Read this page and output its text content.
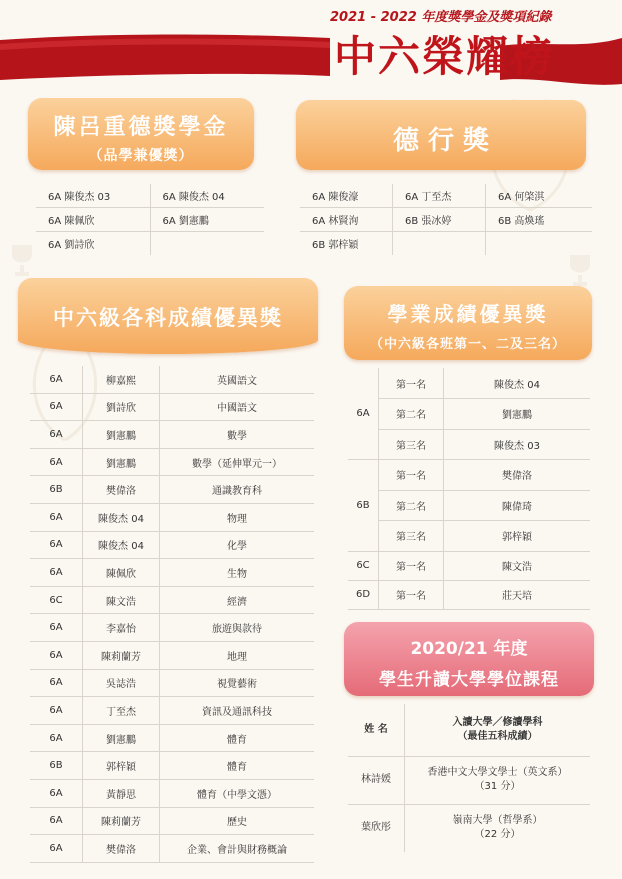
2021 - 2022 年度獎學金及獎項紀錄
中六榮耀榜
陳呂重德獎學金
（品學兼優獎）
6A 陳俊杰 03	6A 陳俊杰 04
6A 陳佩欣	6A 劉憲鵬
6A 劉詩欣	
德 行 獎
6A 陳俊濠	6A 丁至杰	6A 何棨淇
6A 林賢洵	6B 張冰婷	6B 高煥瑤
6B 郭梓穎		
中六級各科成績優異獎
6A	柳嘉熙	英國語文
6A	劉詩欣	中國語文
6A	劉憲鵬	數學
6A	劉憲鵬	數學（延伸單元一）
6B	樊偉洛	通識教育科
6A	陳俊杰 04	物理
6A	陳俊杰 04	化學
6A	陳佩欣	生物
6C	陳文浩	經濟
6A	李嘉怡	旅遊與款待
6A	陳莉蘭芳	地理
6A	吳誌浩	視覺藝術
6A	丁至杰	資訊及通訊科技
6A	劉憲鵬	體育
6B	郭梓穎	體育
6A	黃靜思	體育（中學文憑）
6A	陳莉蘭芳	歷史
6A	樊偉洛	企業、會計與財務概論
學業成績優異獎
（中六級各班第一、二及三名）
6A	第一名	陳俊杰 04
	第二名	劉憲鵬
	第三名	陳俊杰 03
6B	第一名	樊偉洛
	第二名	陳偉琦
	第三名	郭梓穎
6C	第一名	陳文浩
6D	第一名	莊天培
2020/21 年度
學生升讀大學學位課程
姓 名	入讀大學／修讀學科
（最佳五科成績）

林詩媛	香港中文大學文學士（英文系）
（31 分）

葉欣彤	嶺南大學（哲學系）
（22 分）
